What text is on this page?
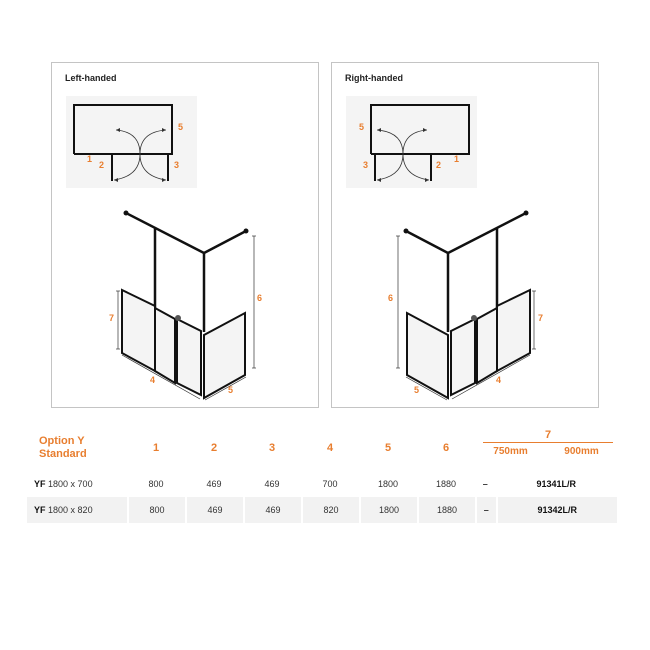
Left-handed
1
2	3
5
7
6
4
5
Right-handed
1
2
3
5
7
6
4
5
Option Y
Standard	1	2	3	4	5	6	
7
750mm	900mm

YF 1800 x 700	800	469	469	700	1800	1880	–	91341L/R
YF 1800 x 820	800	469	469	820	1800	1880	–	91342L/R
